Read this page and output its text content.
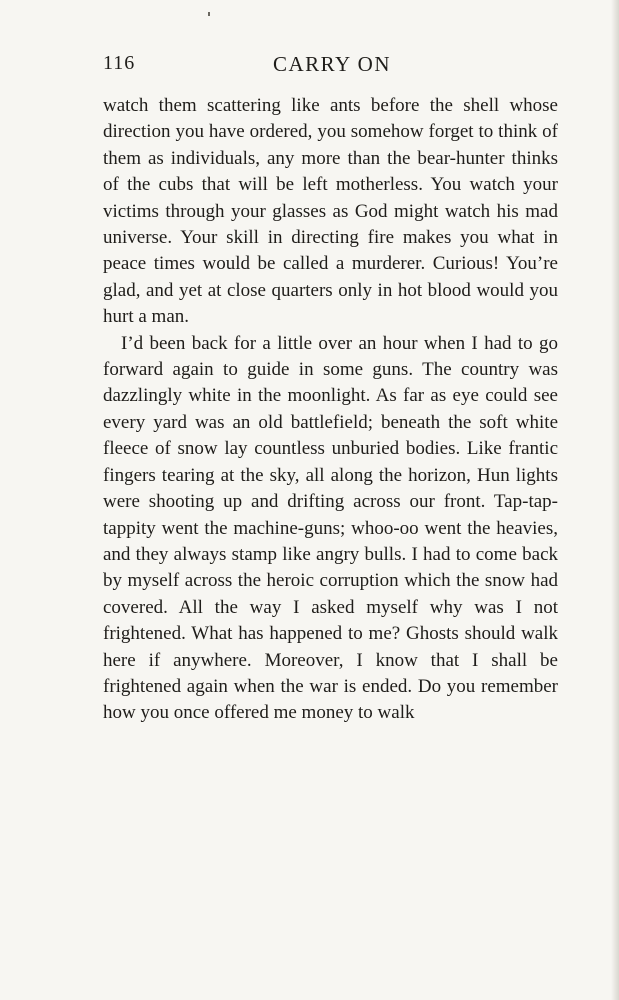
116	CARRY ON

watch them scattering like ants before the shell whose direction you have ordered, you somehow forget to think of them as individuals, any more than the bear-hunter thinks of the cubs that will be left motherless. You watch your victims through your glasses as God might watch his mad universe. Your skill in directing fire makes you what in peace times would be called a murderer. Curious! You’re glad, and yet at close quarters only in hot blood would you hurt a man.

I’d been back for a little over an hour when I had to go forward again to guide in some guns. The country was dazzlingly white in the moonlight. As far as eye could see every yard was an old battlefield; beneath the soft white fleece of snow lay countless unburied bodies. Like frantic fingers tearing at the sky, all along the horizon, Hun lights were shooting up and drifting across our front. Tap-tap-tappity went the machine-guns; whoo-oo went the heavies, and they always stamp like angry bulls. I had to come back by myself across the heroic corruption which the snow had covered. All the way I asked myself why was I not frightened. What has happened to me? Ghosts should walk here if anywhere. Moreover, I know that I shall be frightened again when the war is ended. Do you remember how you once offered me money to walk
